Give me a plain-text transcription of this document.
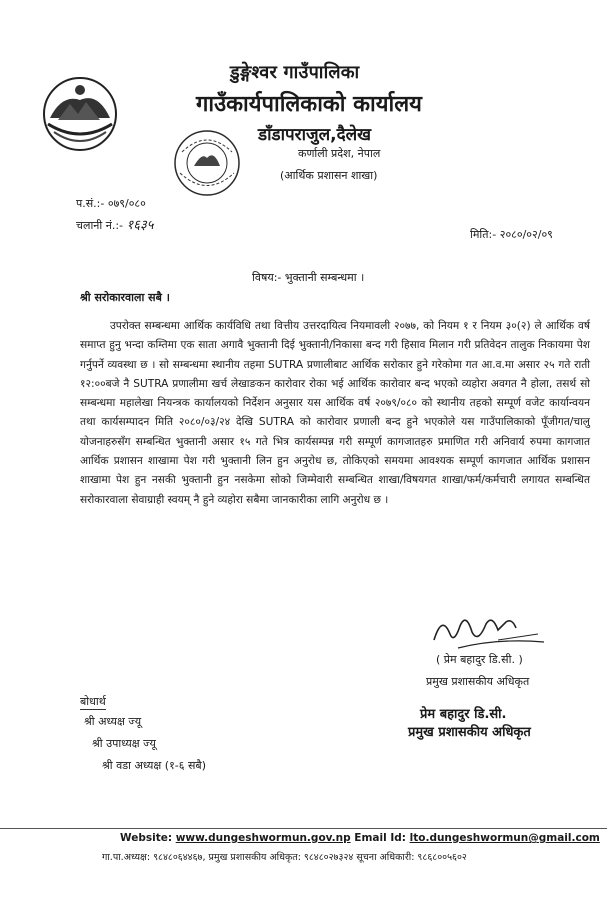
डुङ्गेश्वर गाउँपालिका
गाउँकार्यपालिकाको कार्यालय
डाँडापराजुल,दैलेख
कर्णाली प्रदेश, नेपाल
(आर्थिक प्रशासन शाखा)
प.सं.:- ०७९/०८०
चलानी नं.:- १६३५
मिति:- २०८०/०२/०९
विषय:- भुक्तानी सम्बन्धमा ।
श्री सरोकारवाला सबै ।

उपरोक्त सम्बन्धमा आर्थिक कार्यविधि तथा वित्तीय उत्तरदायित्व नियमावली २०७७, को नियम १ र नियम ३०(२) ले आर्थिक वर्ष समाप्त हुनु भन्दा कम्तिमा एक साता अगावै भुक्तानी दिई भुक्तानी/निकासा बन्द गरी हिसाव मिलान गरी प्रतिवेदन तालुक निकायमा पेश गर्नुपर्ने व्यवस्था छ । सो सम्बन्धमा स्थानीय तहमा SUTRA प्रणालीबाट आर्थिक सरोकार हुने गरेकोमा गत आ.व.मा असार २५ गते राती १२:००बजे नै SUTRA प्रणालीमा खर्च लेखाङकन कारोवार रोका भई आर्थिक कारोवार बन्द भएको व्यहोरा अवगत नै होला, तसर्थ सो सम्बन्धमा महालेखा नियन्त्रक कार्यालयको निर्देशन अनुसार यस आर्थिक वर्ष २०७९/०८० को स्थानीय तहको सम्पूर्ण वजेट कार्यान्वयन तथा कार्यसम्पादन मिति २०८०/०३/२४ देखि SUTRA को कारोवार प्रणाली बन्द हुने भएकोले यस गाउँपालिकाको पूँजीगत/चालु योजनाहरुसँग सम्बन्धित भुक्तानी असार १५ गते भित्र कार्यसम्पन्न गरी सम्पूर्ण कागजातहरु प्रमाणित गरी अनिवार्य रुपमा कागजात आर्थिक प्रशासन शाखामा पेश गरी भुक्तानी लिन हुन अनुरोध छ, तोकिएको समयमा आवश्यक सम्पूर्ण कागजात आर्थिक प्रशासन शाखामा पेश हुन नसकी भुक्तानी हुन नसकेमा सोको जिम्मेवारी सम्बन्धित शाखा/विषयगत शाखा/फर्म/कर्मचारी लगायत सम्बन्धित सरोकारवाला सेवाग्राही स्वयम् नै हुने व्यहोरा सबैमा जानकारीका लागि अनुरोध छ ।

( प्रेम बहादुर डि.सी. )
प्रमुख प्रशासकीय अधिकृत
प्रेम बहादुर डि.सी.
प्रमुख प्रशासकीय अधिकृत
बोधार्थ
श्री अध्यक्ष ज्यू
श्री उपाध्यक्ष ज्यू
श्री वडा अध्यक्ष (१-६ सबै)
Website: www.dungeshwormun.gov.np Email Id: lto.dungeshwormun@gmail.com
गा.पा.अध्यक्ष: ९८४८०६४४६७, प्रमुख प्रशासकीय अधिकृत: ९८४८०२७३२४ सूचना अधिकारी: ९८६८००५६०२
